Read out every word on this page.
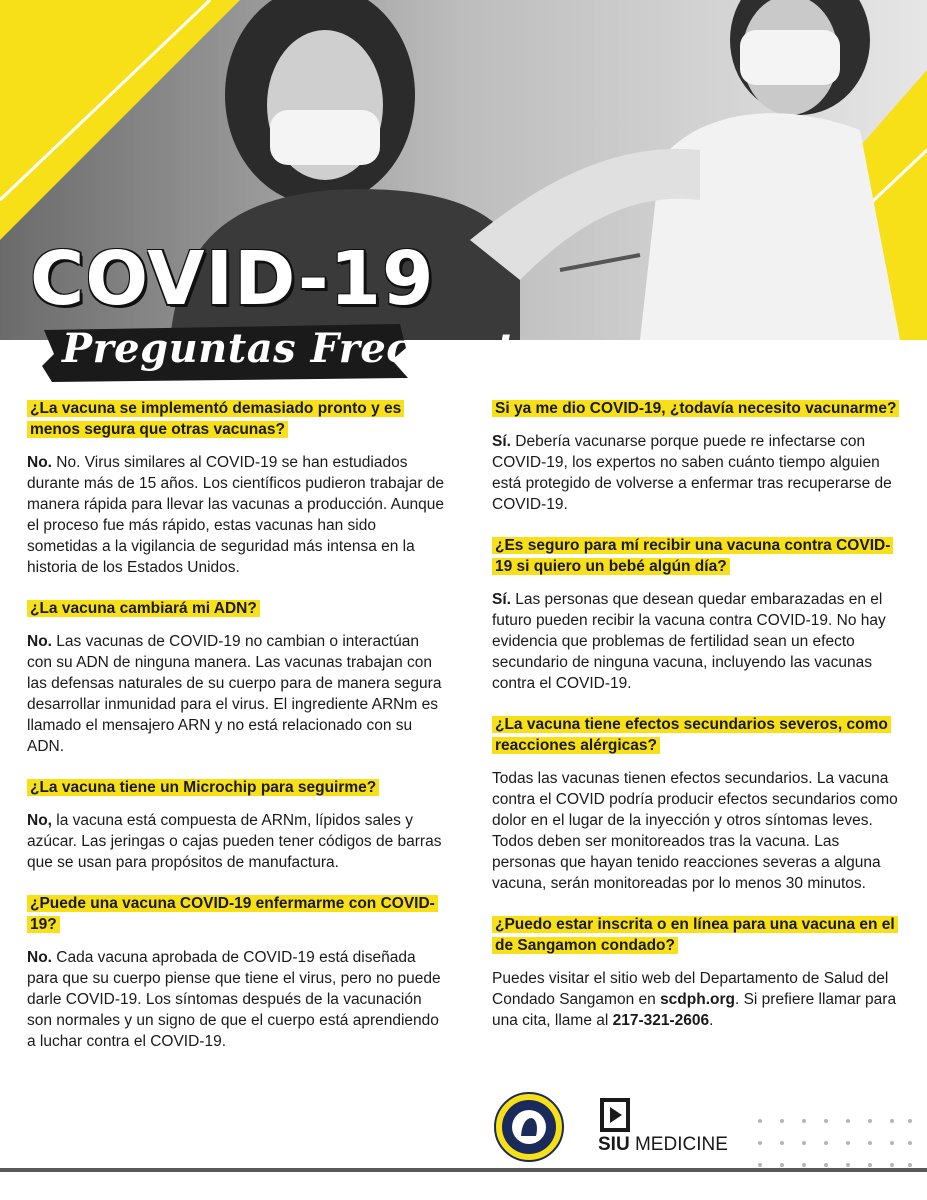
COVID-19
Preguntas Frecuentes
¿La vacuna se implementó demasiado pronto y es menos segura que otras vacunas?

No. No. Virus similares al COVID-19 se han estudiados durante más de 15 años. Los científicos pudieron trabajar de manera rápida para llevar las vacunas a producción. Aunque el proceso fue más rápido, estas vacunas han sido sometidas a la vigilancia de seguridad más intensa en la historia de los Estados Unidos.

¿La vacuna cambiará mi ADN?

No. Las vacunas de COVID-19 no cambian o interactúan con su ADN de ninguna manera. Las vacunas trabajan con las defensas naturales de su cuerpo para de manera segura desarrollar inmunidad para el virus. El ingrediente ARNm es llamado el mensajero ARN y no está relacionado con su ADN.

¿La vacuna tiene un Microchip para seguirme?

No, la vacuna está compuesta de ARNm, lípidos sales y azúcar. Las jeringas o cajas pueden tener códigos de barras que se usan para propósitos de manufactura.

¿Puede una vacuna COVID-19 enfermarme con COVID-19?

No. Cada vacuna aprobada de COVID-19 está diseñada para que su cuerpo piense que tiene el virus, pero no puede darle COVID-19. Los síntomas después de la vacunación son normales y un signo de que el cuerpo está aprendiendo a luchar contra el COVID-19.

Si ya me dio COVID-19, ¿todavía necesito vacunarme?

Sí. Debería vacunarse porque puede re infectarse con COVID-19, los expertos no saben cuánto tiempo alguien está protegido de volverse a enfermar tras recuperarse de COVID-19.

¿Es seguro para mí recibir una vacuna contra COVID-19 si quiero un bebé algún día?

Sí. Las personas que desean quedar embarazadas en el futuro pueden recibir la vacuna contra COVID-19. No hay evidencia que problemas de fertilidad sean un efecto secundario de ninguna vacuna, incluyendo las vacunas contra el COVID-19.

¿La vacuna tiene efectos secundarios severos, como reacciones alérgicas?

Todas las vacunas tienen efectos secundarios. La vacuna contra el COVID podría producir efectos secundarios como dolor en el lugar de la inyección y otros síntomas leves. Todos deben ser monitoreados tras la vacuna. Las personas que hayan tenido reacciones severas a alguna vacuna, serán monitoreadas por lo menos 30 minutos.

¿Puedo estar inscrita o en línea para una vacuna en el de Sangamon condado?

Puedes visitar el sitio web del Departamento de Salud del Condado Sangamon en scdph.org. Si prefiere llamar para una cita, llame al 217-321-2606.

SIU MEDICINE
